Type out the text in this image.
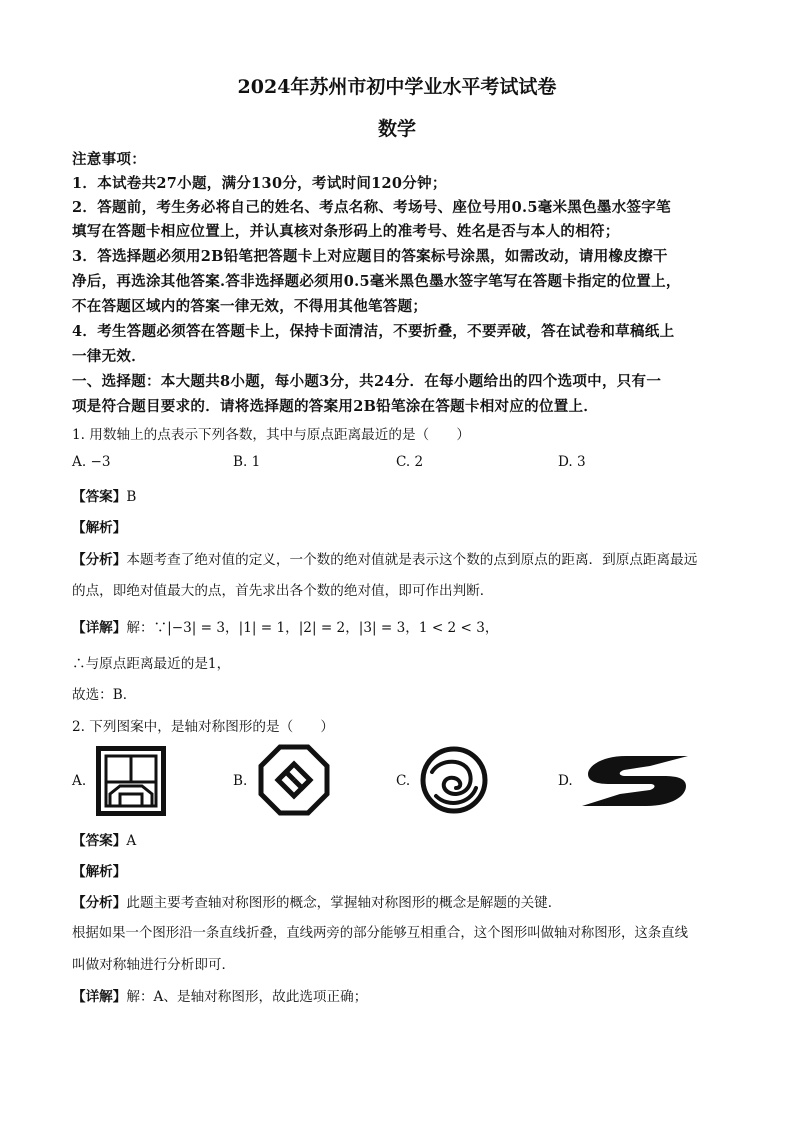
2024年苏州市初中学业水平考试试卷
数学
注意事项：
1．本试卷共27小题，满分130分，考试时间120分钟；
2．答题前，考生务必将自己的姓名、考点名称、考场号、座位号用0.5毫米黑色墨水签字笔
填写在答题卡相应位置上，并认真核对条形码上的准考号、姓名是否与本人的相符；
3．答选择题必须用2B铅笔把答题卡上对应题目的答案标号涂黑，如需改动，请用橡皮擦干
净后，再选涂其他答案.答非选择题必须用0.5毫米黑色墨水签字笔写在答题卡指定的位置上，
不在答题区域内的答案一律无效，不得用其他笔答题；
4．考生答题必须答在答题卡上，保持卡面清洁，不要折叠，不要弄破，答在试卷和草稿纸上
一律无效．
一、选择题：本大题共8小题，每小题3分，共24分．在每小题给出的四个选项中，只有一
项是符合题目要求的．请将选择题的答案用2B铅笔涂在答题卡相对应的位置上．
1. 用数轴上的点表示下列各数，其中与原点距离最近的是（　　）
A. −3	B. 1	C. 2	D. 3
【答案】B
【解析】
【分析】本题考查了绝对值的定义，一个数的绝对值就是表示这个数的点到原点的距离．到原点距离最远
的点，即绝对值最大的点，首先求出各个数的绝对值，即可作出判断．
【详解】解：∵|−3| = 3，|1| = 1，|2| = 2，|3| = 3，1 < 2 < 3，
∴与原点距离最近的是1，
故选：B．
2. 下列图案中，是轴对称图形的是（　　）
A.	B.	C.	D.
【答案】A
【解析】
【分析】此题主要考查轴对称图形的概念，掌握轴对称图形的概念是解题的关键．
根据如果一个图形沿一条直线折叠，直线两旁的部分能够互相重合，这个图形叫做轴对称图形，这条直线
叫做对称轴进行分析即可．
【详解】解：A、是轴对称图形，故此选项正确；
